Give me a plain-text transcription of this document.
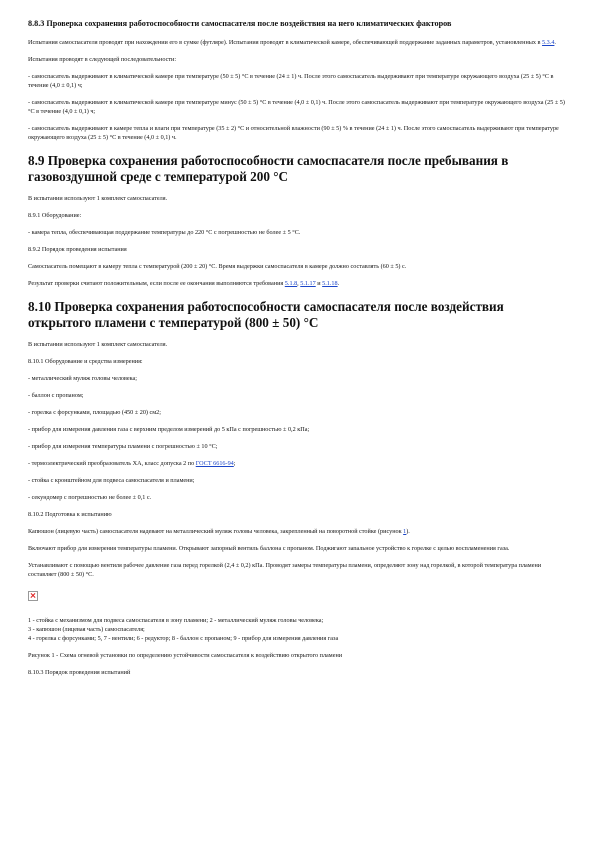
8.8.3 Проверка сохранения работоспособности самоспасателя после воздействия на него климатических факторов

Испытания самоспасателя проводят при нахождении его в сумке (футляре). Испытания проводят в климатической камере, обеспечивающей поддержание заданных параметров, установленных в 5.3.4.

Испытания проводят в следующей последовательности:

- самоспасатель выдерживают в климатической камере при температуре (50 ± 5) °С в течение (24 ± 1) ч. После этого самоспасатель выдерживают при температуре окружающего воздуха (25 ± 5) °С в течение (4,0 ± 0,1) ч;

- самоспасатель выдерживают в климатической камере при температуре минус (50 ± 5) °С в течение (4,0 ± 0,1) ч. После этого самоспасатель выдерживают при температуре окружающего воздуха (25 ± 5) °С в течение (4,0 ± 0,1) ч;

- самоспасатель выдерживают в камере тепла и влаги при температуре (35 ± 2) °С и относительной влажности (90 ± 5) % в течение (24 ± 1) ч. После этого самоспасатель выдерживают при температуре окружающего воздуха (25 ± 5) °С в течение (4,0 ± 0,1) ч.

8.9 Проверка сохранения работоспособности самоспасателя после пребывания в газовоздушной среде с температурой 200 °С

В испытании используют 1 комплект самоспасателя.

8.9.1 Оборудование:

- камера тепла, обеспечивающая поддержание температуры до 220 °С с погрешностью не более ± 5 °С.

8.9.2 Порядок проведения испытания

Самоспасатель помещают в камеру тепла с температурой (200 ± 20) °С. Время выдержки самоспасателя в камере должно составлять (60 ± 5) с.

Результат проверки считают положительным, если после ее окончания выполняются требования 5.1.8, 5.1.17 и 5.1.18.

8.10 Проверка сохранения работоспособности самоспасателя после воздействия открытого пламени с температурой (800 ± 50) °С

В испытании используют 1 комплект самоспасателя.

8.10.1 Оборудование и средства измерения:

- металлический муляж головы человека;

- баллон с пропаном;

- горелка с форсунками, площадью (450 ± 20) см2;

- прибор для измерения давления газа с верхним пределом измерений до 5 кПа с погрешностью ± 0,2 кПа;

- прибор для измерения температуры пламени с погрешностью ± 10 °С;

- термоэлектрический преобразователь ХА, класс допуска 2 по ГОСТ 6616-94;

- стойка с кронштейном для подвеса самоспасателя и пламени;

- секундомер с погрешностью не более ± 0,1 с.

8.10.2 Подготовка к испытанию

Капюшон (лицевую часть) самоспасателя надевают на металлический муляж головы человека, закрепленный на поворотной стойке (рисунок 1).

Включают прибор для измерения температуры пламени. Открывают запорный вентиль баллона с пропаном. Поджигают запальное устройство к горелке с целью воспламенения газа.

Устанавливают с помощью вентиля рабочее давление газа перед горелкой (2,4 ± 0,2) кПа. Проводят замеры температуры пламени, определяют зону над горелкой, в которой температура пламени составляет (800 ± 50) °С.

1 - стойка с механизмом для подвеса самоспасателя в зону пламени; 2 - металлический муляж головы человека;

3 - капюшон (лицевая часть) самоспасателя;

4 - горелка с форсунками; 5, 7 - вентили; 6 - редуктор; 8 - баллон с пропаном; 9 - прибор для измерения давления газа

Рисунок 1 - Схема огневой установки по определению устойчивости самоспасателя к воздействию открытого пламени

8.10.3 Порядок проведения испытаний
